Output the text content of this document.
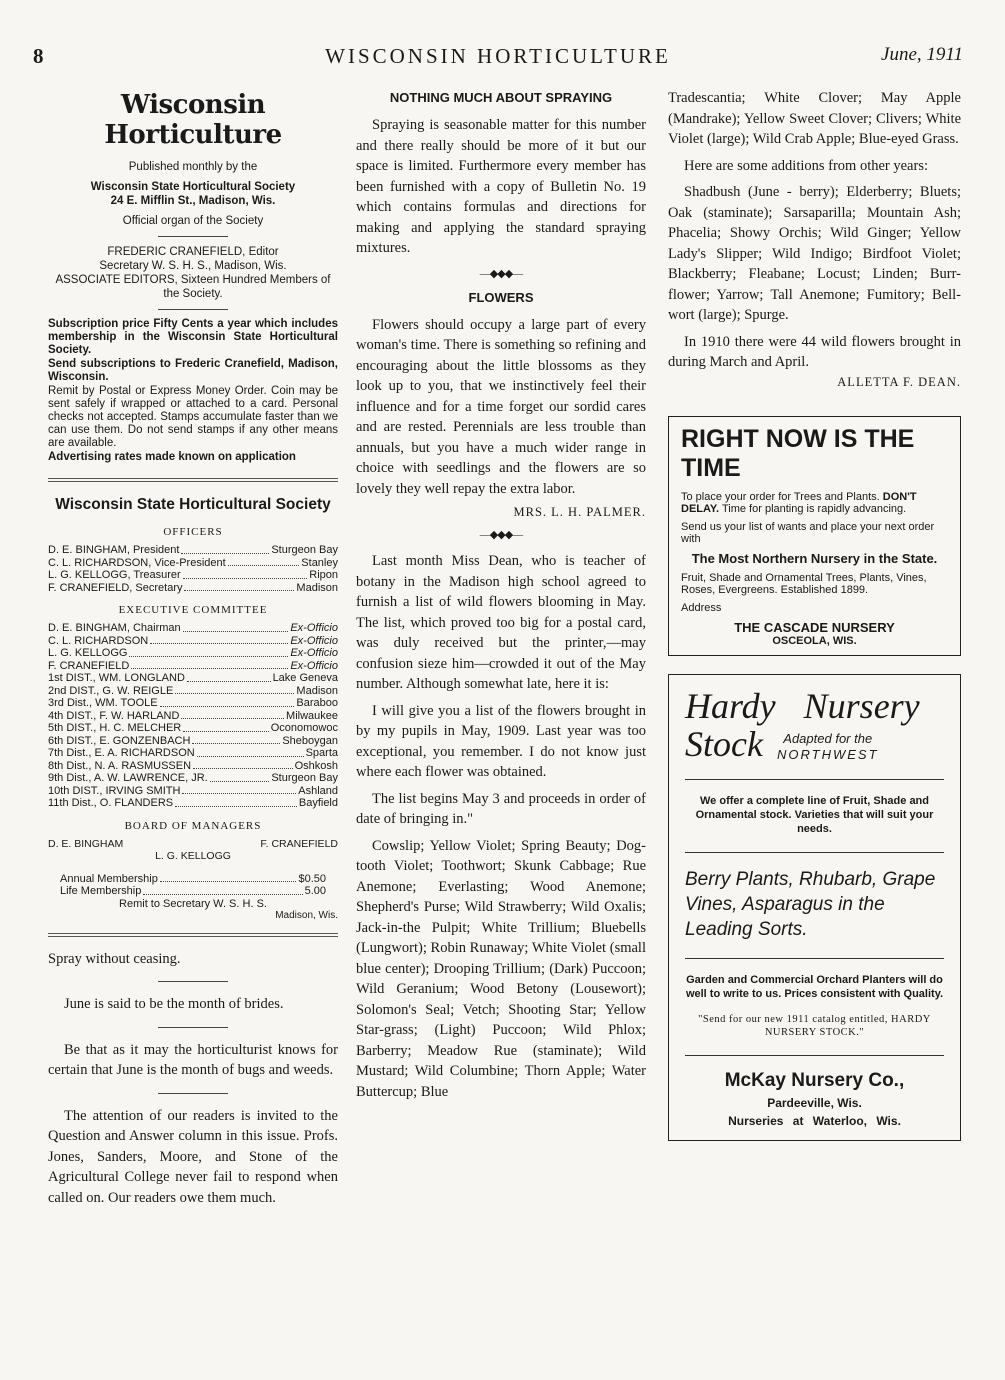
8	WISCONSIN HORTICULTURE	June, 1911
Wisconsin Horticulture

Published monthly by the

Wisconsin State Horticultural Society

24 E. Mifflin St., Madison, Wis.

Official organ of the Society

FREDERIC CRANEFIELD, Editor

Secretary W. S. H. S., Madison, Wis.

ASSOCIATE EDITORS, Sixteen Hundred Members of the Society.

Subscription price Fifty Cents a year which includes membership in the Wisconsin State Horticultural Society.

Send subscriptions to Frederic Cranefield, Madison, Wisconsin.

Remit by Postal or Express Money Order. Coin may be sent safely if wrapped or attached to a card. Personal checks not accepted. Stamps accumulate faster than we can use them. Do not send stamps if any other means are available.

Advertising rates made known on application

Wisconsin State Horticultural Society
OFFICERS
D. E. BINGHAM, President	Sturgeon Bay
C. L. RICHARDSON, Vice-President	Stanley
L. G. KELLOGG, Treasurer	Ripon
F. CRANEFIELD, Secretary	Madison
EXECUTIVE COMMITTEE
D. E. BINGHAM, Chairman	Ex-Officio
C. L. RICHARDSON	Ex-Officio
L. G. KELLOGG	Ex-Officio
F. CRANEFIELD	Ex-Officio
1st DIST., WM. LONGLAND	Lake Geneva
2nd DIST., G. W. REIGLE	Madison
3rd Dist., WM. TOOLE	Baraboo
4th DIST., F. W. HARLAND	Milwaukee
5th DIST., H. C. MELCHER	Oconomowoc
6th DIST., E. GONZENBACH	Sheboygan
7th Dist., E. A. RICHARDSON	Sparta
8th Dist., N. A. RASMUSSEN	Oshkosh
9th Dist., A. W. LAWRENCE, JR.	Sturgeon Bay
10th DIST., IRVING SMITH	Ashland
11th Dist., O. FLANDERS	Bayfield
BOARD OF MANAGERS
D. E. BINGHAM	F. CRANEFIELD
L. G. KELLOGG
Annual Membership	$0.50
Life Membership	5.00
Remit to Secretary W. S. H. S.
Madison, Wis.

Spray without ceasing.

June is said to be the month of brides.

Be that as it may the horticulturist knows for certain that June is the month of bugs and weeds.

The attention of our readers is invited to the Question and Answer column in this issue. Profs. Jones, Sanders, Moore, and Stone of the Agricultural College never fail to respond when called on. Our readers owe them much.

NOTHING MUCH ABOUT SPRAYING

Spraying is seasonable matter for this number and there really should be more of it but our space is limited. Furthermore every member has been furnished with a copy of Bulletin No. 19 which contains formulas and directions for making and applying the standard spraying mixtures.

—◆◆◆—
FLOWERS

Flowers should occupy a large part of every woman's time. There is something so refining and encouraging about the little blossoms as they look up to you, that we instinctively feel their influence and for a time forget our sordid cares and are rested. Perennials are less trouble than annuals, but you have a much wider range in choice with seedlings and the flowers are so lovely they well repay the extra labor.

MRS. L. H. PALMER.
—◆◆◆—

Last month Miss Dean, who is teacher of botany in the Madison high school agreed to furnish a list of wild flowers blooming in May. The list, which proved too big for a postal card, was duly received but the printer,—may confusion sieze him—crowded it out of the May number. Although somewhat late, here it is:

I will give you a list of the flowers brought in by my pupils in May, 1909. Last year was too exceptional, you remember. I do not know just where each flower was obtained.

The list begins May 3 and proceeds in order of date of bringing in."

Cowslip; Yellow Violet; Spring Beauty; Dog-tooth Violet; Toothwort; Skunk Cabbage; Rue Anemone; Everlasting; Wood Anemone; Shepherd's Purse; Wild Strawberry; Wild Oxalis; Jack-in-the Pulpit; White Trillium; Bluebells (Lungwort); Robin Runaway; White Violet (small blue center); Drooping Trillium; (Dark) Puccoon; Wild Geranium; Wood Betony (Lousewort); Solomon's Seal; Vetch; Shooting Star; Yellow Star-grass; (Light) Puccoon; Wild Phlox; Barberry; Meadow Rue (staminate); Wild Mustard; Wild Columbine; Thorn Apple; Water Buttercup; Blue

Tradescantia; White Clover; May Apple (Mandrake); Yellow Sweet Clover; Clivers; White Violet (large); Wild Crab Apple; Blue-eyed Grass.

Here are some additions from other years:

Shadbush (June - berry); Elderberry; Bluets; Oak (staminate); Sarsaparilla; Mountain Ash; Phacelia; Showy Orchis; Wild Ginger; Yellow Lady's Slipper; Wild Indigo; Birdfoot Violet; Blackberry; Fleabane; Locust; Linden; Burr-flower; Yarrow; Tall Anemone; Fumitory; Bell-wort (large); Spurge.

In 1910 there were 44 wild flowers brought in during March and April.

ALLETTA F. DEAN.
RIGHT NOW IS THE TIME

To place your order for Trees and Plants. DON'T DELAY. Time for planting is rapidly advancing.

Send us your list of wants and place your next order with

The Most Northern Nursery in the State.

Fruit, Shade and Ornamental Trees, Plants, Vines, Roses, Evergreens. Established 1899.

Address
THE CASCADE NURSERY
OSCEOLA, WIS.
Hardy Nursery
Stock	Adapted for the
NORTHWEST

We offer a complete line of Fruit, Shade and Ornamental stock. Varieties that will suit your needs.

Berry Plants, Rhubarb, Grape Vines, Asparagus in the Leading Sorts.

Garden and Commercial Orchard Planters will do well to write to us. Prices consistent with Quality.

"Send for our new 1911 catalog entitled, HARDY NURSERY STOCK."

McKay Nursery Co.,
Pardeeville, Wis.
Nurseries at Waterloo, Wis.
